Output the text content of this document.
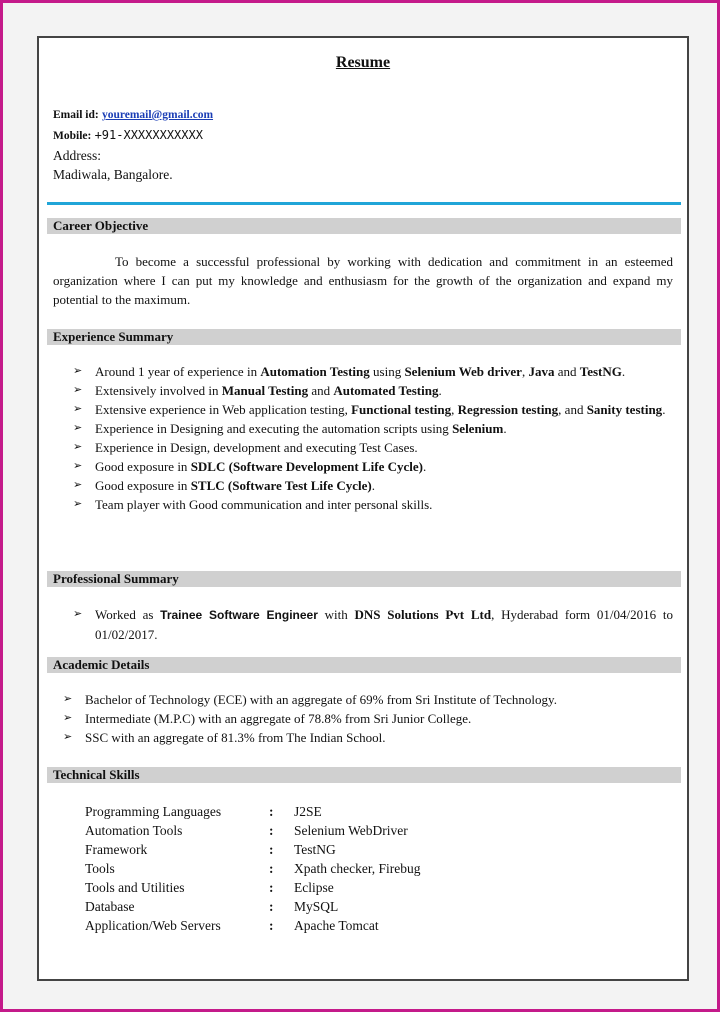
Resume
Email id: youremail@gmail.com
Mobile: +91-XXXXXXXXXXX
Address:
Madiwala, Bangalore.
Career Objective
To become a successful professional by working with dedication and commitment in an esteemed organization where I can put my knowledge and enthusiasm for the growth of the organization and expand my potential to the maximum.
Experience Summary
➢ Around 1 year of experience in Automation Testing using Selenium Web driver, Java and TestNG.
➢ Extensively involved in Manual Testing and Automated Testing.
➢ Extensive experience in Web application testing, Functional testing, Regression testing, and Sanity testing.
➢ Experience in Designing and executing the automation scripts using Selenium.
➢ Experience in Design, development and executing Test Cases.
➢ Good exposure in SDLC (Software Development Life Cycle).
➢ Good exposure in STLC (Software Test Life Cycle).
➢ Team player with Good communication and inter personal skills.
Professional Summary
➢ Worked as Trainee Software Engineer with DNS Solutions Pvt Ltd, Hyderabad form 01/04/2016 to 01/02/2017.
Academic Details
➢ Bachelor of Technology (ECE) with an aggregate of 69% from Sri Institute of Technology.
➢ Intermediate (M.P.C) with an aggregate of 78.8% from Sri Junior College.
➢ SSC with an aggregate of 81.3% from The Indian School.
Technical Skills
Programming Languages	:	J2SE
Automation Tools	:	Selenium WebDriver
Framework	:	TestNG
Tools	:	Xpath checker, Firebug
Tools and Utilities	:	Eclipse
Database	:	MySQL
Application/Web Servers	:	Apache Tomcat
